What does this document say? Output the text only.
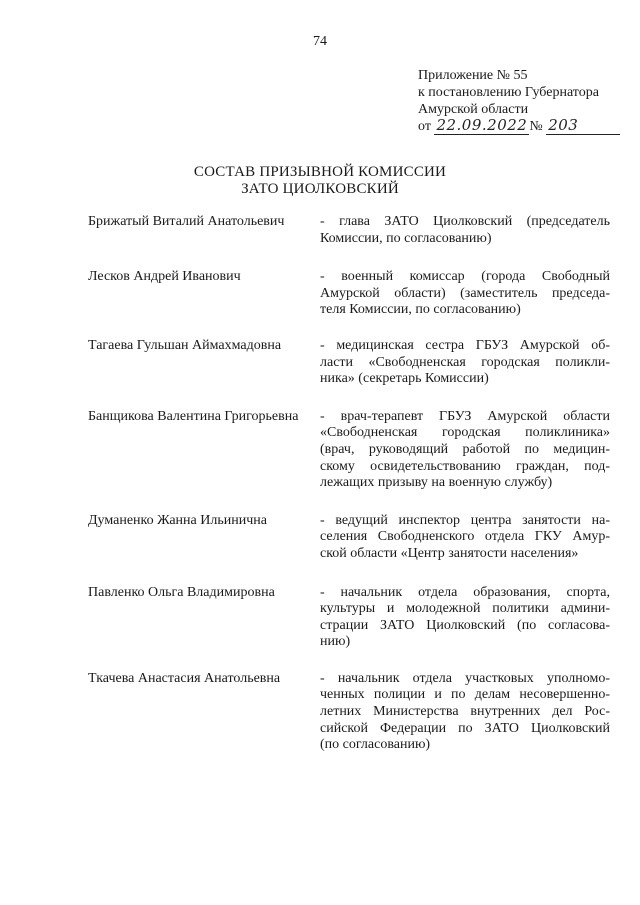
74
Приложение № 55
к постановлению Губернатора
Амурской области
от 22.09.2022 № 203
СОСТАВ ПРИЗЫВНОЙ КОМИССИИ
ЗАТО ЦИОЛКОВСКИЙ
Брижатый Виталий Анатольевич	- глава ЗАТО Циолковский (председатель
Комиссии, по согласованию)
Лесков Андрей Иванович	- военный комиссар (города Свободный
Амурской области) (заместитель председа-
теля Комиссии, по согласованию)
Тагаева Гульшан Аймахмадовна	- медицинская сестра ГБУЗ Амурской об-
ласти «Свободненская городская поликли-
ника» (секретарь Комиссии)
Банщикова Валентина Григорьевна	- врач-терапевт ГБУЗ Амурской области
«Свободненская городская поликлиника»
(врач, руководящий работой по медицин-
скому освидетельствованию граждан, под-
лежащих призыву на военную службу)
Думаненко Жанна Ильинична	- ведущий инспектор центра занятости на-
селения Свободненского отдела ГКУ Амур-
ской области «Центр занятости населения»
Павленко Ольга Владимировна	- начальник отдела образования, спорта,
культуры и молодежной политики админи-
страции ЗАТО Циолковский (по согласова-
нию)
Ткачева Анастасия Анатольевна	- начальник отдела участковых уполномо-
ченных полиции и по делам несовершенно-
летних Министерства внутренних дел Рос-
сийской Федерации по ЗАТО Циолковский
(по согласованию)
